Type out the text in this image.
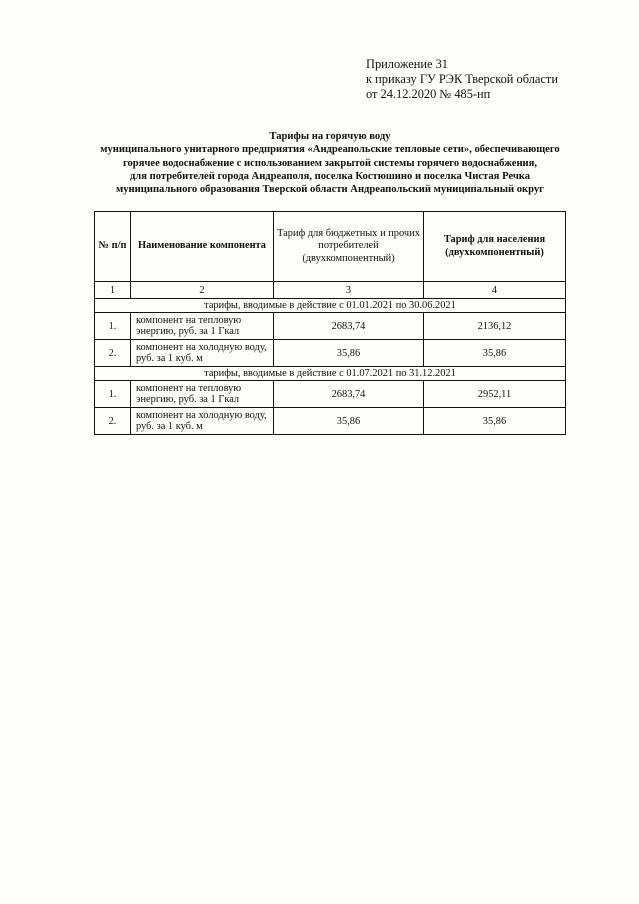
Приложение 31
к приказу ГУ РЭК Тверской области
от 24.12.2020 № 485-нп
Тарифы на горячую воду
муниципального унитарного предприятия «Андреапольские тепловые сети», обеспечивающего
горячее водоснабжение с использованием закрытой системы горячего водоснабжения,
для потребителей города Андреаполя, поселка Костюшино и поселка Чистая Речка
муниципального образования Тверской области Андреапольский муниципальный округ
№ п/п	Наименование компонента	Тариф для бюджетных и прочих потребителей (двухкомпонентный)	Тариф для населения (двухкомпонентный)
1	2	3	4
тарифы, вводимые в действие с 01.01.2021 по 30.06.2021			
1.	компонент на тепловую энергию, руб. за 1 Гкал	2683,74	2136,12
2.	компонент на холодную воду, руб. за 1 куб. м	35,86	35,86
тарифы, вводимые в действие с 01.07.2021 по 31.12.2021			
1.	компонент на тепловую энергию, руб. за 1 Гкал	2683,74	2952,11
2.	компонент на холодную воду, руб. за 1 куб. м	35,86	35,86
